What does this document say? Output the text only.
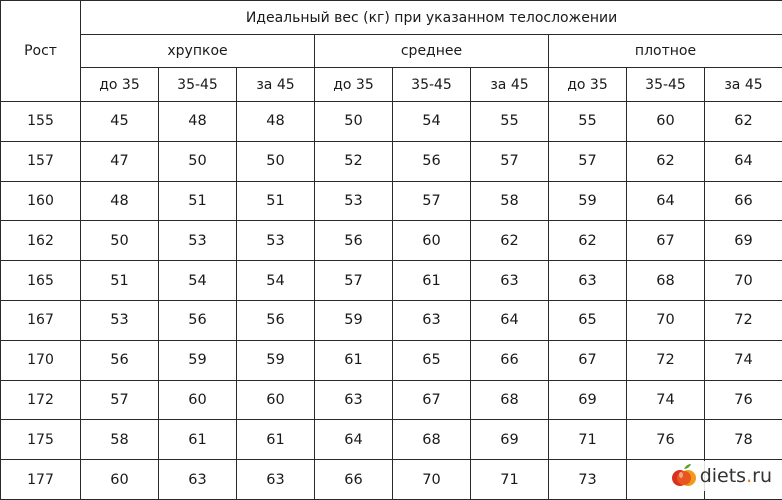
Рост	Идеальный вес (кг) при указанном телосложении								
	хрупкое			среднее			плотное		
	до 35	35-45	за 45	до 35	35-45	за 45	до 35	35-45	за 45
155	45	48	48	50	54	55	55	60	62
157	47	50	50	52	56	57	57	62	64
160	48	51	51	53	57	58	59	64	66
162	50	53	53	56	60	62	62	67	69
165	51	54	54	57	61	63	63	68	70
167	53	56	56	59	63	64	65	70	72
170	56	59	59	61	65	66	67	72	74
172	57	60	60	63	67	68	69	74	76
175	58	61	61	64	68	69	71	76	78
177	60	63	63	66	70	71	73			diets.ru
